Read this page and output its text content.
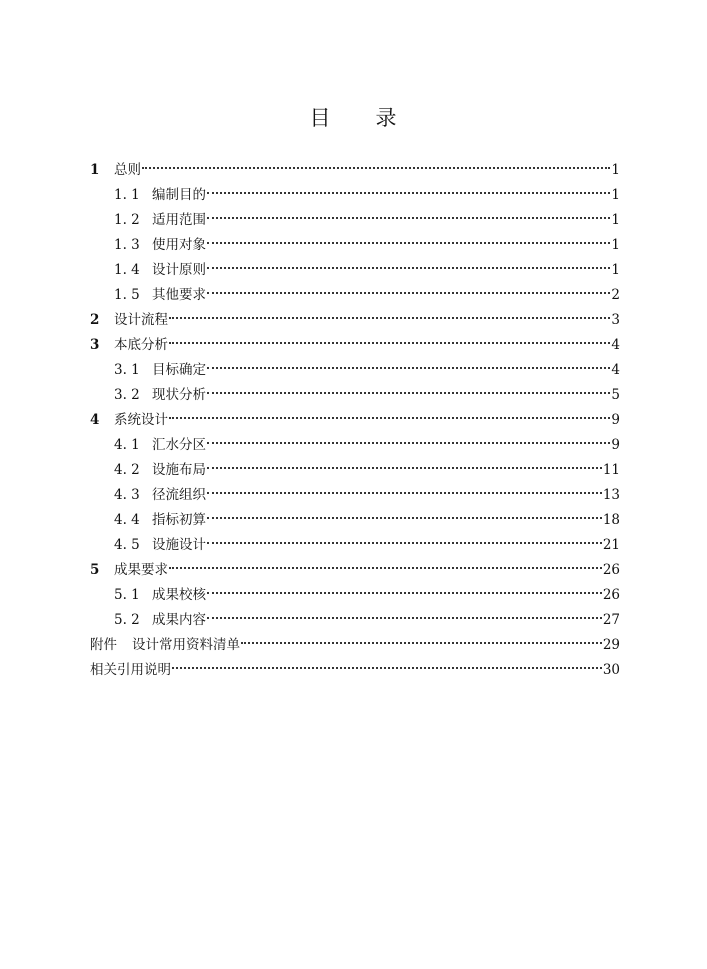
目 录
1	总则	1
1. 1 编制目的	1
1. 2 适用范围	1
1. 3 使用对象	1
1. 4 设计原则	1
1. 5 其他要求	2
2	设计流程	3
3	本底分析	4
3. 1 目标确定	4
3. 2 现状分析	5
4	系统设计	9
4. 1 汇水分区	9
4. 2 设施布局	11
4. 3 径流组织	13
4. 4 指标初算	18
4. 5 设施设计	21
5	成果要求	26
5. 1 成果校核	26
5. 2 成果内容	27
附件	设计常用资料清单	29
相关引用说明	30
